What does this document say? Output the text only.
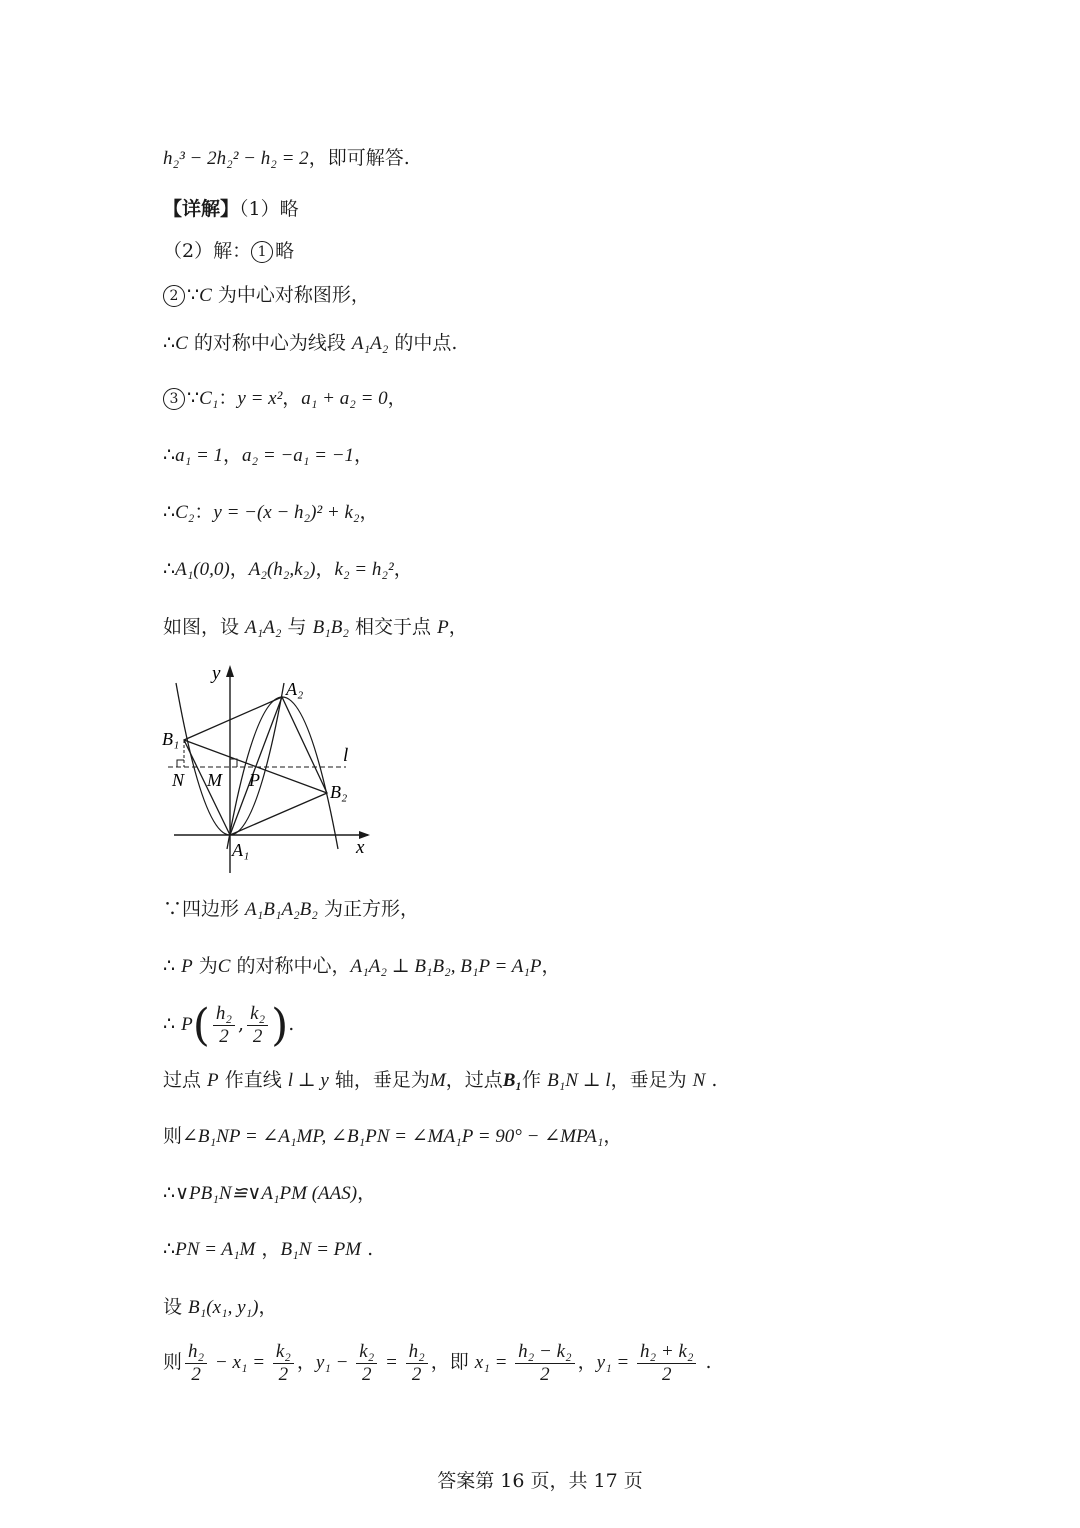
h₂³ − 2h₂² − h₂ = 2，即可解答.
【详解】（1）略
（2）解： 1 略
2 ∵C 为中心对称图形，
∴C 的对称中心为线段 A₁A₂ 的中点.
3 ∵C₁：y = x²，a₁ + a₂ = 0，
∴a₁ = 1，a₂ = −a₁ = −1，
∴C₂：y = −(x − h₂)² + k₂，
∴A₁(0,0)，A₂(h₂,k₂)，k₂ = h₂²，
如图，设 A₁A₂ 与 B₁B₂ 相交于点 P，
y
x
A₂
B₁
B₂
A₁
N M P
l
∵四边形 A₁B₁A₂B₂ 为正方形，
∴ P 为C 的对称中心，A₁A₂ ⊥ B₁B₂, B₁P = A₁P，
∴ $P( \frac{\text{h₂}}{2}$ , $\frac{\text{k₂}}{2}$ ).
过点 P 作直线 l ⊥ y 轴，垂足为M，过点B₁作 B₁N ⊥ l，垂足为 N .
则∠B₁NP = ∠A₁MP, ∠B₁PN = ∠MA₁P = 90° − ∠MPA₁，
∴∨PB₁N≌∨A₁PM (AAS)，
∴PN = A₁M ，B₁N = PM .
设 B₁(x₁, y₁)，
则 $\frac{\text{h₂}}{2} - x_1 = \frac{\text{k₂}}{2}$ ，$y_1 - \frac{\text{k₂}}{2} = \frac{\text{h₂}}{2}$ ，即 $x_1 = \frac{\text{h₂ − k₂}}{2}$ ，$y_1 = \frac{\text{h₂ + k₂}}{2}$ .
答案第 16 页，共 17 页
